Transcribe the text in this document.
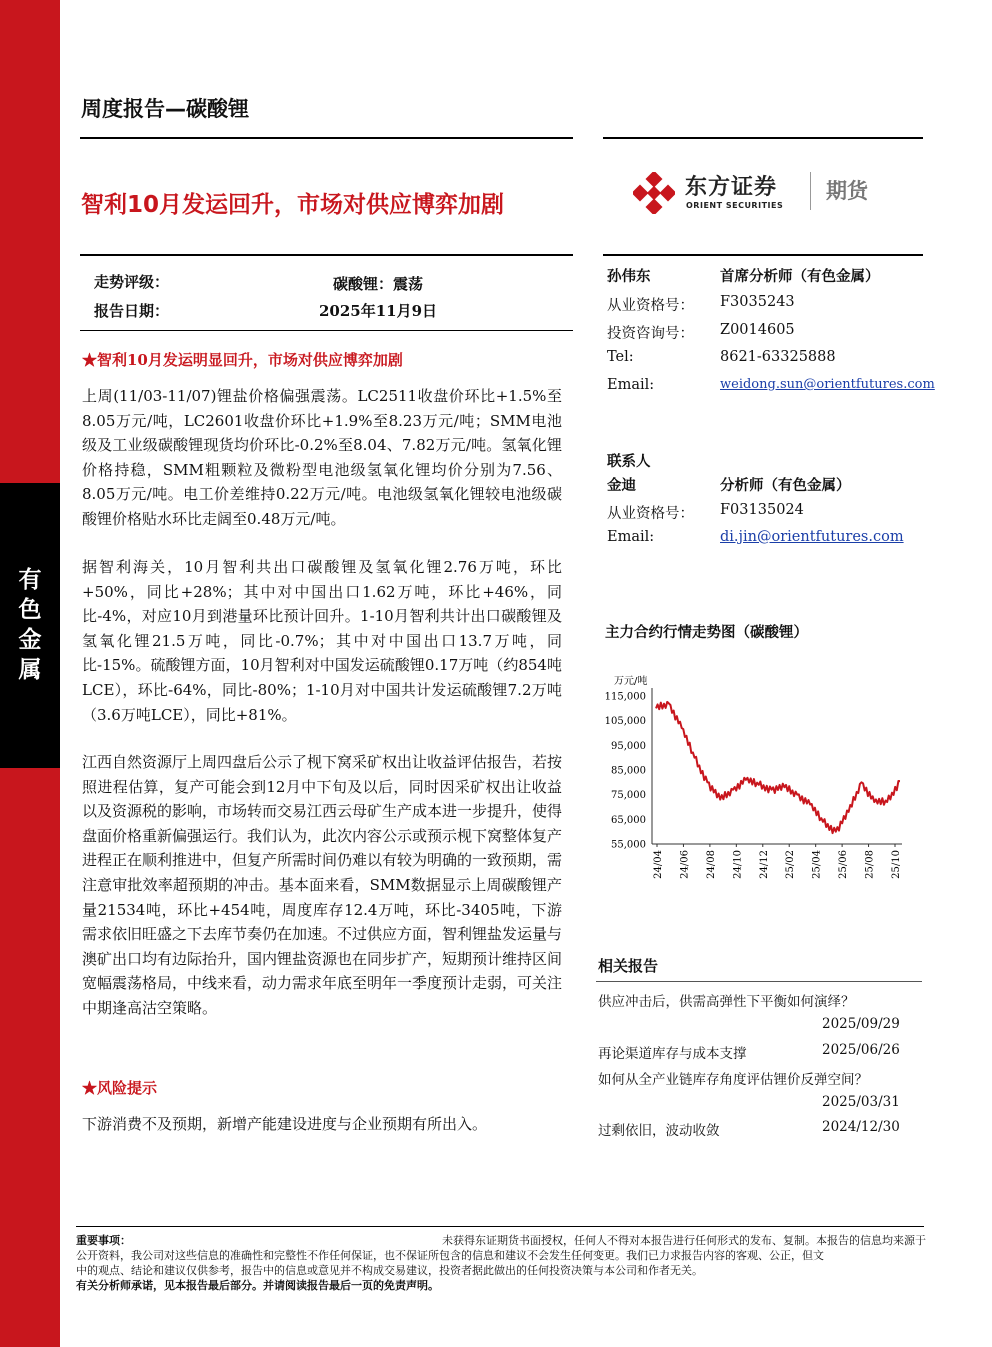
有
色
金
属
周度报告—碳酸锂
智利10月发运回升，市场对供应博弈加剧
东方证券
ORIENT SECURITIES
期货
走势评级：	碳酸锂：震荡
报告日期：	2025年11月9日
★智利10月发运明显回升，市场对供应博弈加剧

上周(11/03-11/07)锂盐价格偏强震荡。LC2511收盘价环比+1.5%至8.05万元/吨，LC2601收盘价环比+1.9%至8.23万元/吨；SMM电池级及工业级碳酸锂现货均价环比-0.2%至8.04、7.82万元/吨。氢氧化锂价格持稳，SMM粗颗粒及微粉型电池级氢氧化锂均价分别为7.56、8.05万元/吨。电工价差维持0.22万元/吨。电池级氢氧化锂较电池级碳酸锂价格贴水环比走阔至0.48万元/吨。

据智利海关，10月智利共出口碳酸锂及氢氧化锂2.76万吨，环比+50%，同比+28%；其中对中国出口1.62万吨，环比+46%，同比-4%，对应10月到港量环比预计回升。1-10月智利共计出口碳酸锂及氢氧化锂21.5万吨，同比-0.7%；其中对中国出口13.7万吨，同比-15%。硫酸锂方面，10月智利对中国发运硫酸锂0.17万吨（约854吨LCE），环比-64%，同比-80%；1-10月对中国共计发运硫酸锂7.2万吨（3.6万吨LCE），同比+81%。

江西自然资源厅上周四盘后公示了枧下窝采矿权出让收益评估报告，若按照进程估算，复产可能会到12月中下旬及以后，同时因采矿权出让收益以及资源税的影响，市场转而交易江西云母矿生产成本进一步提升，使得盘面价格重新偏强运行。我们认为，此次内容公示或预示枧下窝整体复产进程正在顺利推进中，但复产所需时间仍难以有较为明确的一致预期，需注意审批效率超预期的冲击。基本面来看，SMM数据显示上周碳酸锂产量21534吨，环比+454吨，周度库存12.4万吨，环比-3405吨，下游需求依旧旺盛之下去库节奏仍在加速。不过供应方面，智利锂盐发运量与澳矿出口均有边际抬升，国内锂盐资源也在同步扩产，短期预计维持区间宽幅震荡格局，中线来看，动力需求年底至明年一季度预计走弱，可关注中期逢高沽空策略。

★风险提示

下游消费不及预期，新增产能建设进度与企业预期有所出入。

孙伟东	首席分析师（有色金属）
从业资格号： F3035243
投资咨询号： Z0014605
Tel:	8621-63325888
Email:	weidong.sun@orientfutures.com
联系人
金迪	分析师（有色金属）
从业资格号： F03135024
Email:	di.jin@orientfutures.com
主力合约行情走势图（碳酸锂）
万元/吨
115,000
105,000
95,000
85,000
75,000
65,000
55,000
24/04 24/06 24/08 24/10 24/12 25/02 25/04 25/06 25/08 25/10
相关报告
供应冲击后，供需高弹性下平衡如何演绎？
2025/09/29
再论渠道库存与成本支撑	2025/06/26
如何从全产业链库存角度评估锂价反弹空间？
2025/03/31
过剩依旧，波动收敛	2024/12/30

重要事项：	未获得东证期货书面授权，任何人不得对本报告进行任何形式的发布、复制。本报告的信息均来源于

公开资料，我公司对这些信息的准确性和完整性不作任何保证，也不保证所包含的信息和建议不会发生任何变更。我们已力求报告内容的客观、公正，但文

中的观点、结论和建议仅供参考，报告中的信息或意见并不构成交易建议，投资者据此做出的任何投资决策与本公司和作者无关。

有关分析师承诺，见本报告最后部分。并请阅读报告最后一页的免责声明。
